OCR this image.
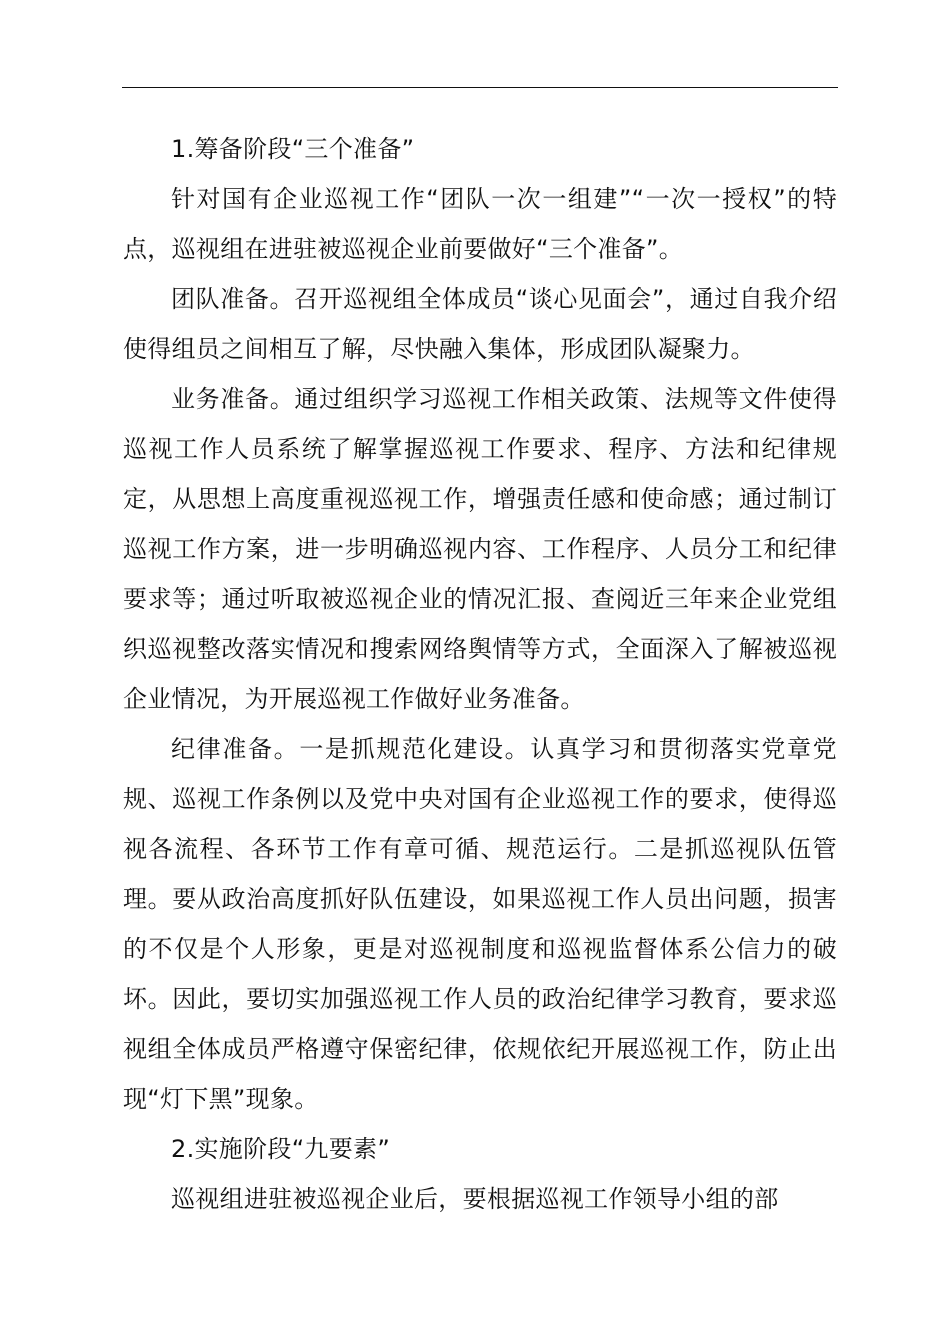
1.筹备阶段“三个准备”

针对国有企业巡视工作“团队一次一组建”“一次一授权”的特点，巡视组在进驻被巡视企业前要做好“三个准备”。

团队准备。召开巡视组全体成员“谈心见面会”，通过自我介绍使得组员之间相互了解，尽快融入集体，形成团队凝聚力。

业务准备。通过组织学习巡视工作相关政策、法规等文件使得巡视工作人员系统了解掌握巡视工作要求、程序、方法和纪律规定，从思想上高度重视巡视工作，增强责任感和使命感；通过制订巡视工作方案，进一步明确巡视内容、工作程序、人员分工和纪律要求等；通过听取被巡视企业的情况汇报、查阅近三年来企业党组织巡视整改落实情况和搜索网络舆情等方式，全面深入了解被巡视企业情况，为开展巡视工作做好业务准备。

纪律准备。一是抓规范化建设。认真学习和贯彻落实党章党规、巡视工作条例以及党中央对国有企业巡视工作的要求，使得巡视各流程、各环节工作有章可循、规范运行。二是抓巡视队伍管理。要从政治高度抓好队伍建设，如果巡视工作人员出问题，损害的不仅是个人形象，更是对巡视制度和巡视监督体系公信力的破坏。因此，要切实加强巡视工作人员的政治纪律学习教育，要求巡视组全体成员严格遵守保密纪律，依规依纪开展巡视工作，防止出现“灯下黑”现象。

2.实施阶段“九要素”

巡视组进驻被巡视企业后，要根据巡视工作领导小组的部
